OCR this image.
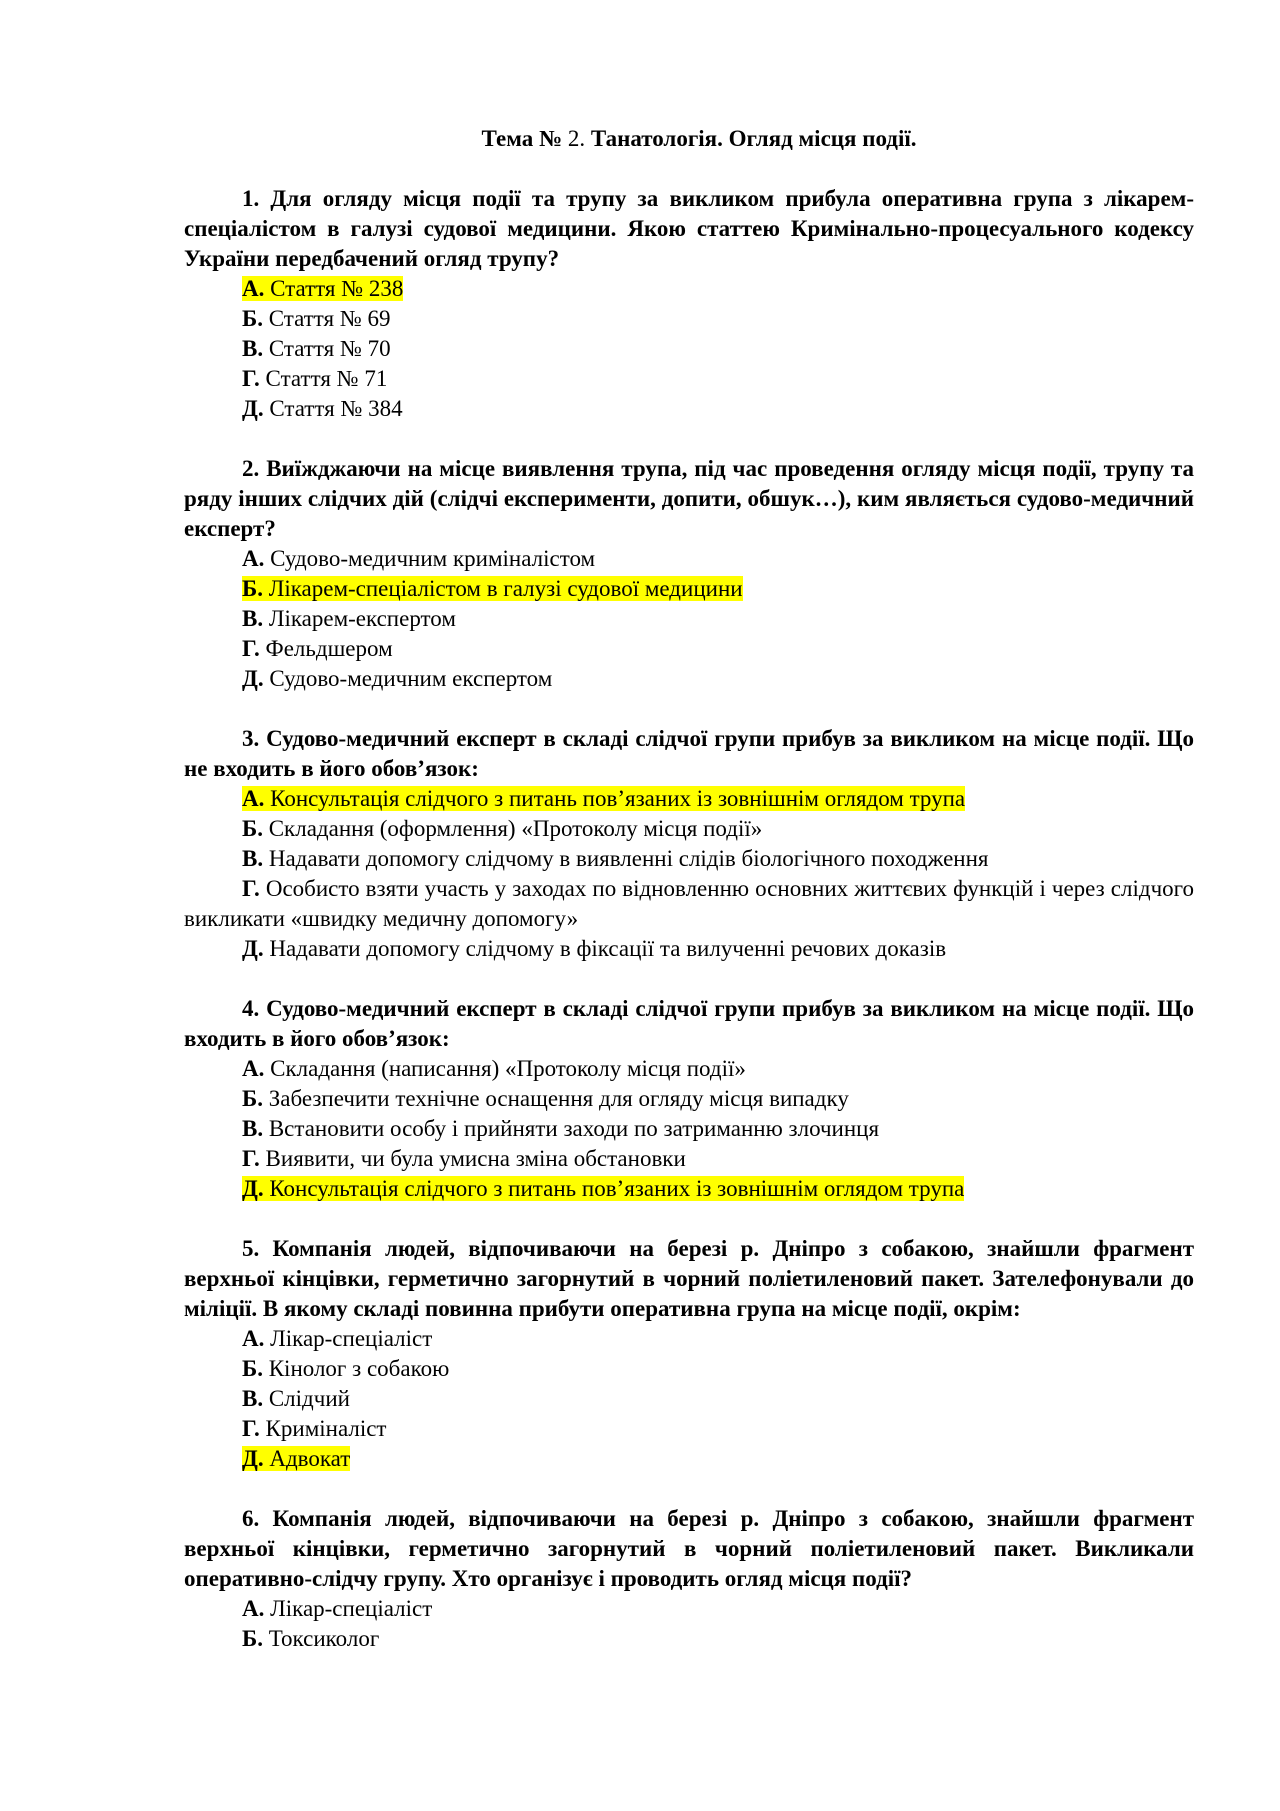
Тема № 2. Танатологія. Огляд місця події.

1. Для огляду місця події та трупу за викликом прибула оперативна група з лікарем-спеціалістом в галузі судової медицини. Якою статтею Кримінально-процесуального кодексу України передбачений огляд трупу?

А. Стаття № 238
Б. Стаття № 69
В. Стаття № 70
Г. Стаття № 71
Д. Стаття № 384

2. Виїжджаючи на місце виявлення трупа, під час проведення огляду місця події, трупу та ряду інших слідчих дій (слідчі експерименти, допити, обшук…), ким являється судово-медичний експерт?

А. Судово-медичним криміналістом
Б. Лікарем-спеціалістом в галузі судової медицини
В. Лікарем-експертом
Г. Фельдшером
Д. Судово-медичним експертом

3. Судово-медичний експерт в складі слідчої групи прибув за викликом на місце події. Що не входить в його обов’язок:

А. Консультація слідчого з питань пов’язаних із зовнішнім оглядом трупа
Б. Складання (оформлення) «Протоколу місця події»
В. Надавати допомогу слідчому в виявленні слідів біологічного походження
Г. Особисто взяти участь у заходах по відновленню основних життєвих функцій і через слідчого викликати «швидку медичну допомогу»
Д. Надавати допомогу слідчому в фіксації та вилученні речових доказів

4. Судово-медичний експерт в складі слідчої групи прибув за викликом на місце події. Що входить в його обов’язок:

А. Складання (написання) «Протоколу місця події»
Б. Забезпечити технічне оснащення для огляду місця випадку
В. Встановити особу і прийняти заходи по затриманню злочинця
Г. Виявити, чи була умисна зміна обстановки
Д. Консультація слідчого з питань пов’язаних із зовнішнім оглядом трупа

5. Компанія людей, відпочиваючи на березі р. Дніпро з собакою, знайшли фрагмент верхньої кінцівки, герметично загорнутий в чорний поліетиленовий пакет. Зателефонували до міліції. В якому складі повинна прибути оперативна група на місце події, окрім:

А. Лікар-спеціаліст
Б. Кінолог з собакою
В. Слідчий
Г. Криміналіст
Д. Адвокат

6. Компанія людей, відпочиваючи на березі р. Дніпро з собакою, знайшли фрагмент верхньої кінцівки, герметично загорнутий в чорний поліетиленовий пакет. Викликали оперативно-слідчу групу. Хто організує і проводить огляд місця події?

А. Лікар-спеціаліст
Б. Токсиколог
